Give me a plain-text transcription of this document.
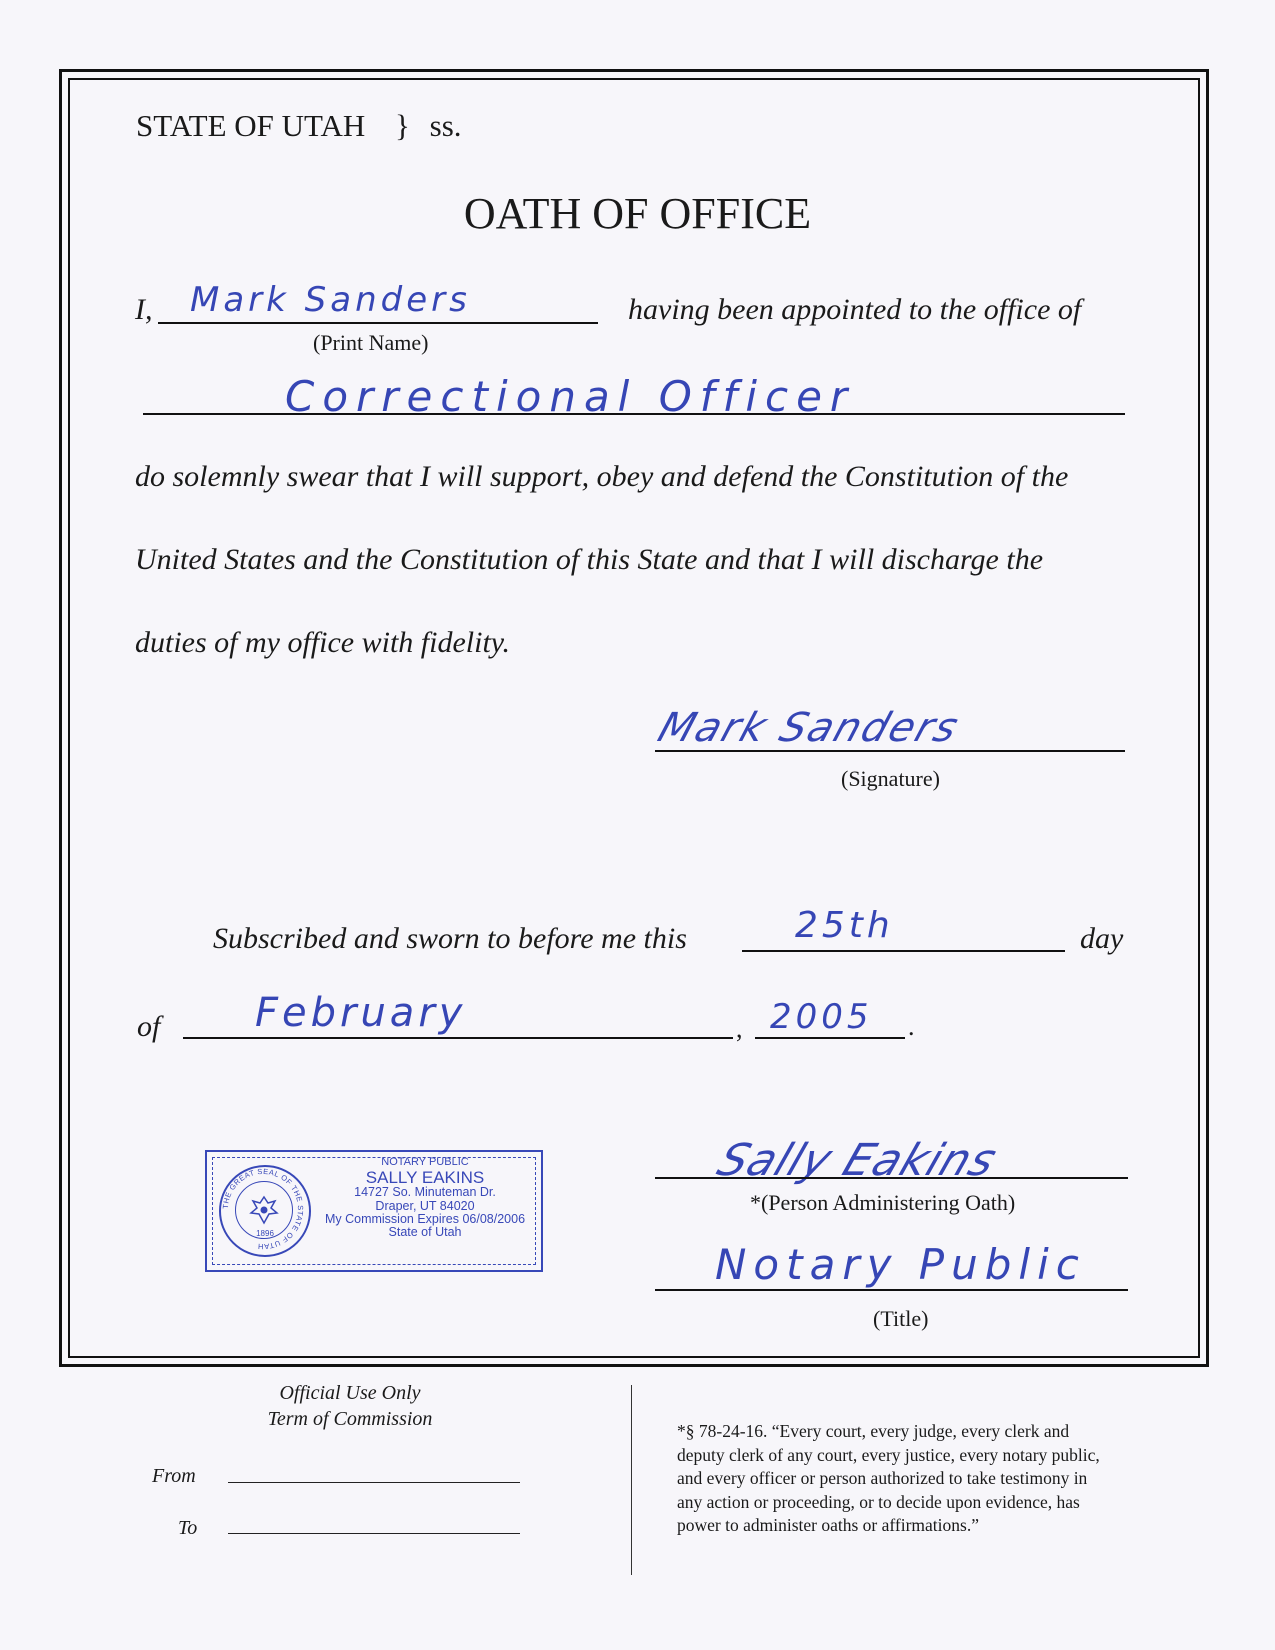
STATE OF UTAH } ss.
OATH OF OFFICE
I, Mark Sanders
(Print Name)
having been appointed to the office of
Correctional Officer
do solemnly swear that I will support, obey and defend the Constitution of the
United States and the Constitution of this State and that I will discharge the
duties of my office with fidelity.
Mark Sanders
(Signature)
Subscribed and sworn to before me this	25th	day
of February	, 2005 .
THE GREAT SEAL OF THE STATE OF UTAH
1896
NOTARY PUBLIC
SALLY EAKINS
14727 So. Minuteman Dr.
Draper, UT 84020
My Commission Expires 06/08/2006
State of Utah
Sally Eakins
*(Person Administering Oath)
Notary Public
(Title)
Official Use Only
Term of Commission
From
To
*§ 78-24-16. “Every court, every judge, every clerk and
deputy clerk of any court, every justice, every notary public,
and every officer or person authorized to take testimony in
any action or proceeding, or to decide upon evidence, has
power to administer oaths or affirmations.”
